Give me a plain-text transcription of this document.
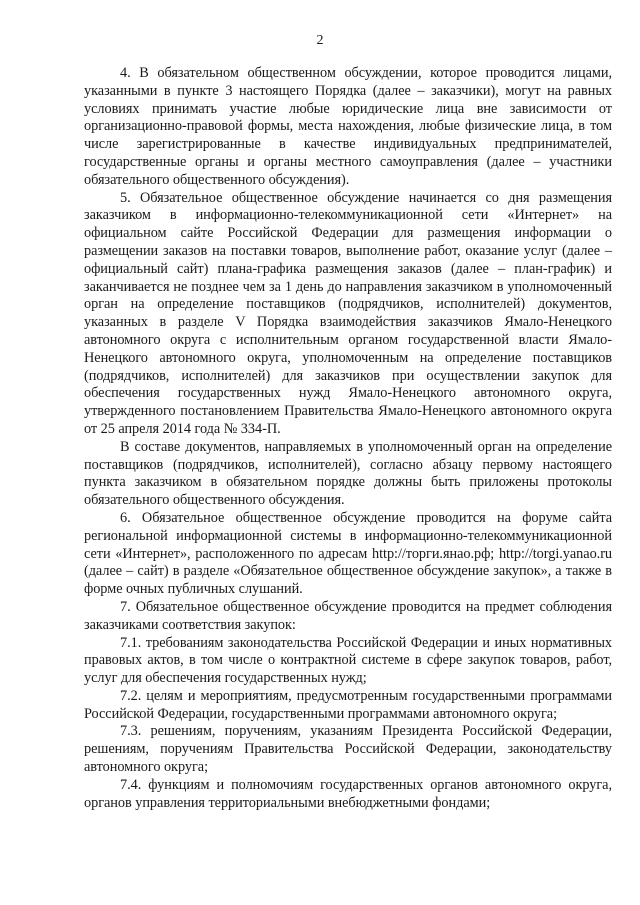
2

4. В обязательном общественном обсуждении, которое проводится лицами, указанными в пункте 3 настоящего Порядка (далее – заказчики), могут на равных условиях принимать участие любые юридические лица вне зависимости от организационно-правовой формы, места нахождения, любые физические лица, в том числе зарегистрированные в качестве индивидуальных предпринимателей, государственные органы и органы местного самоуправления (далее – участники обязательного общественного обсуждения).

5. Обязательное общественное обсуждение начинается со дня размещения заказчиком в информационно-телекоммуникационной сети «Интернет» на официальном сайте Российской Федерации для размещения информации о размещении заказов на поставки товаров, выполнение работ, оказание услуг (далее – официальный сайт) плана-графика размещения заказов (далее – план-график) и заканчивается не позднее чем за 1 день до направления заказчиком в уполномоченный орган на определение поставщиков (подрядчиков, исполнителей) документов, указанных в разделе V Порядка взаимодействия заказчиков Ямало-Ненецкого автономного округа с исполнительным органом государственной власти Ямало-Ненецкого автономного округа, уполномоченным на определение поставщиков (подрядчиков, исполнителей) для заказчиков при осуществлении закупок для обеспечения государственных нужд Ямало-Ненецкого автономного округа, утвержденного постановлением Правительства Ямало-Ненецкого автономного округа от 25 апреля 2014 года № 334-П.

В составе документов, направляемых в уполномоченный орган на определение поставщиков (подрядчиков, исполнителей), согласно абзацу первому настоящего пункта заказчиком в обязательном порядке должны быть приложены протоколы обязательного общественного обсуждения.

6. Обязательное общественное обсуждение проводится на форуме сайта региональной информационной системы в информационно-телекоммуникационной сети «Интернет», расположенного по адресам http://торги.янао.рф; http://torgi.yanao.ru (далее – сайт) в разделе «Обязательное общественное обсуждение закупок», а также в форме очных публичных слушаний.

7. Обязательное общественное обсуждение проводится на предмет соблюдения заказчиками соответствия закупок:

7.1. требованиям законодательства Российской Федерации и иных нормативных правовых актов, в том числе о контрактной системе в сфере закупок товаров, работ, услуг для обеспечения государственных нужд;

7.2. целям и мероприятиям, предусмотренным государственными программами Российской Федерации, государственными программами автономного округа;

7.3. решениям, поручениям, указаниям Президента Российской Федерации, решениям, поручениям Правительства Российской Федерации, законодательству автономного округа;

7.4. функциям и полномочиям государственных органов автономного округа, органов управления территориальными внебюджетными фондами;
